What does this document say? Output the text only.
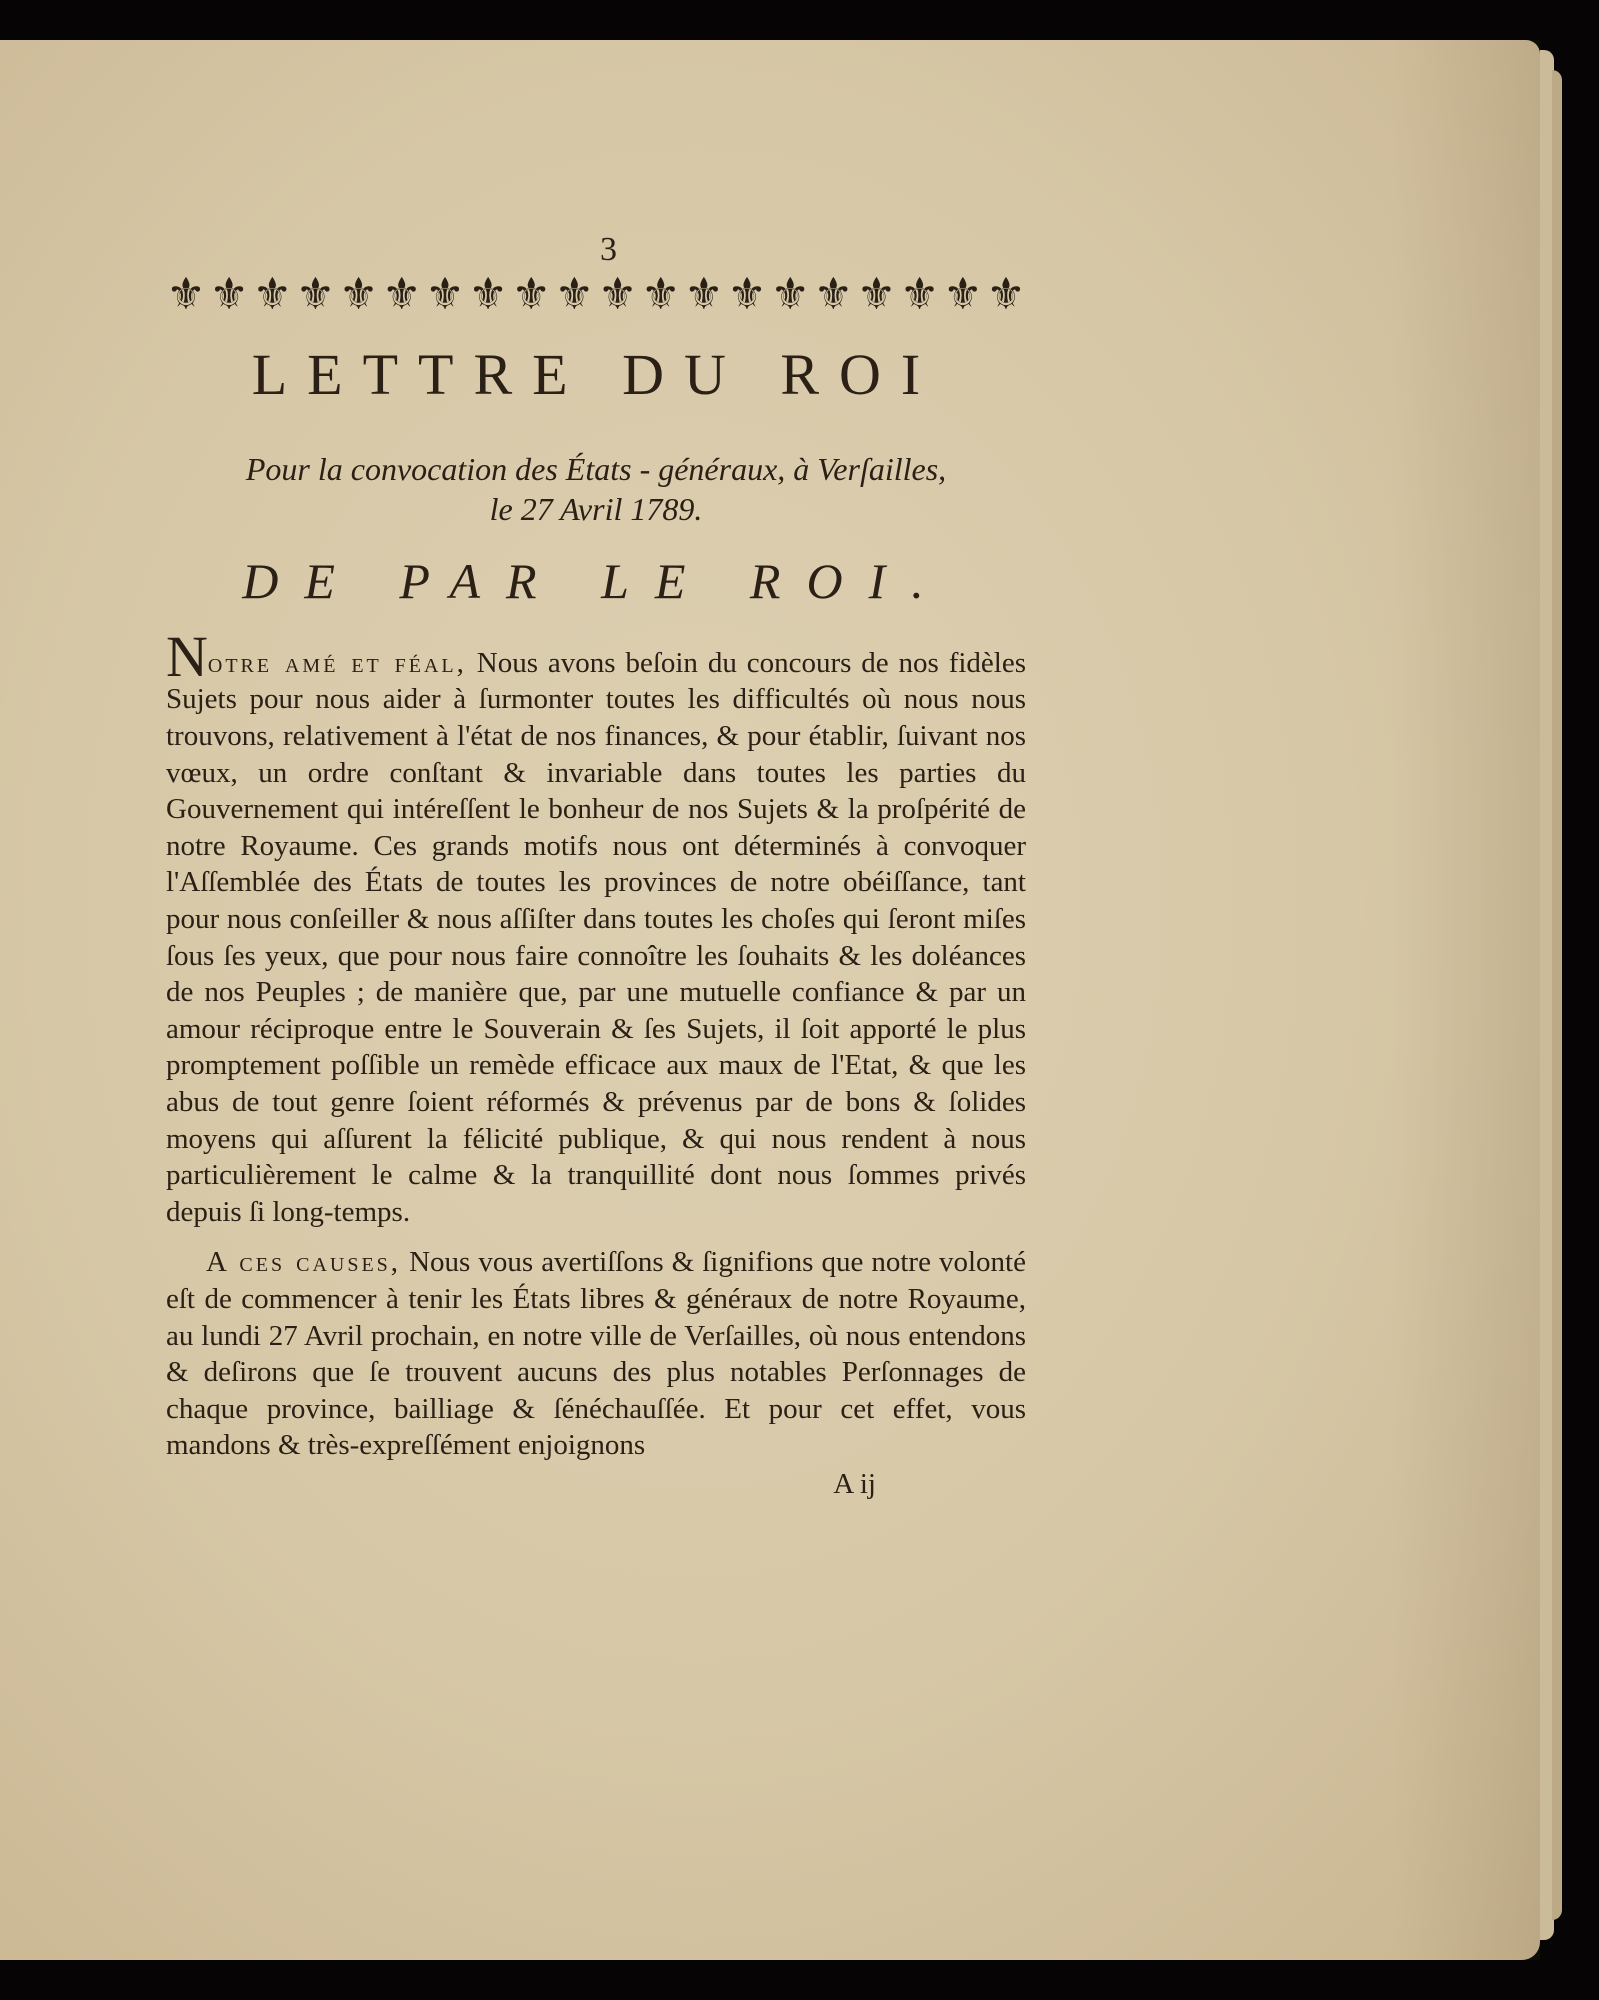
3
⚜ ⚜ ⚜ ⚜ ⚜ ⚜ ⚜ ⚜ ⚜ ⚜ ⚜ ⚜ ⚜ ⚜ ⚜ ⚜ ⚜ ⚜ ⚜ ⚜
LETTRE DU ROI
Pour la convocation des États - généraux, à Verſailles,
le 27 Avril 1789.
DE PAR LE ROI.

Notre amé et féal, Nous avons beſoin du concours de nos fidèles Sujets pour nous aider à ſurmonter toutes les difficultés où nous nous trouvons, relativement à l'état de nos finances, & pour établir, ſuivant nos vœux, un ordre conſtant & invariable dans toutes les parties du Gouvernement qui intéreſſent le bonheur de nos Sujets & la proſpérité de notre Royaume. Ces grands motifs nous ont déterminés à convoquer l'Aſſemblée des États de toutes les provinces de notre obéiſſance, tant pour nous conſeiller & nous aſſiſter dans toutes les choſes qui ſeront miſes ſous ſes yeux, que pour nous faire connoître les ſouhaits & les doléances de nos Peuples ; de manière que, par une mutuelle confiance & par un amour réciproque entre le Souverain & ſes Sujets, il ſoit apporté le plus promptement poſſible un remède efficace aux maux de l'Etat, & que les abus de tout genre ſoient réformés & prévenus par de bons & ſolides moyens qui aſſurent la félicité publique, & qui nous rendent à nous particulièrement le calme & la tranquillité dont nous ſommes privés depuis ſi long-temps.

A ces causes, Nous vous avertiſſons & ſignifions que notre volonté eſt de commencer à tenir les États libres & généraux de notre Royaume, au lundi 27 Avril prochain, en notre ville de Verſailles, où nous entendons & deſirons que ſe trouvent aucuns des plus notables Perſonnages de chaque province, bailliage & ſénéchauſſée. Et pour cet effet, vous mandons & très-expreſſément enjoignons

A ij
